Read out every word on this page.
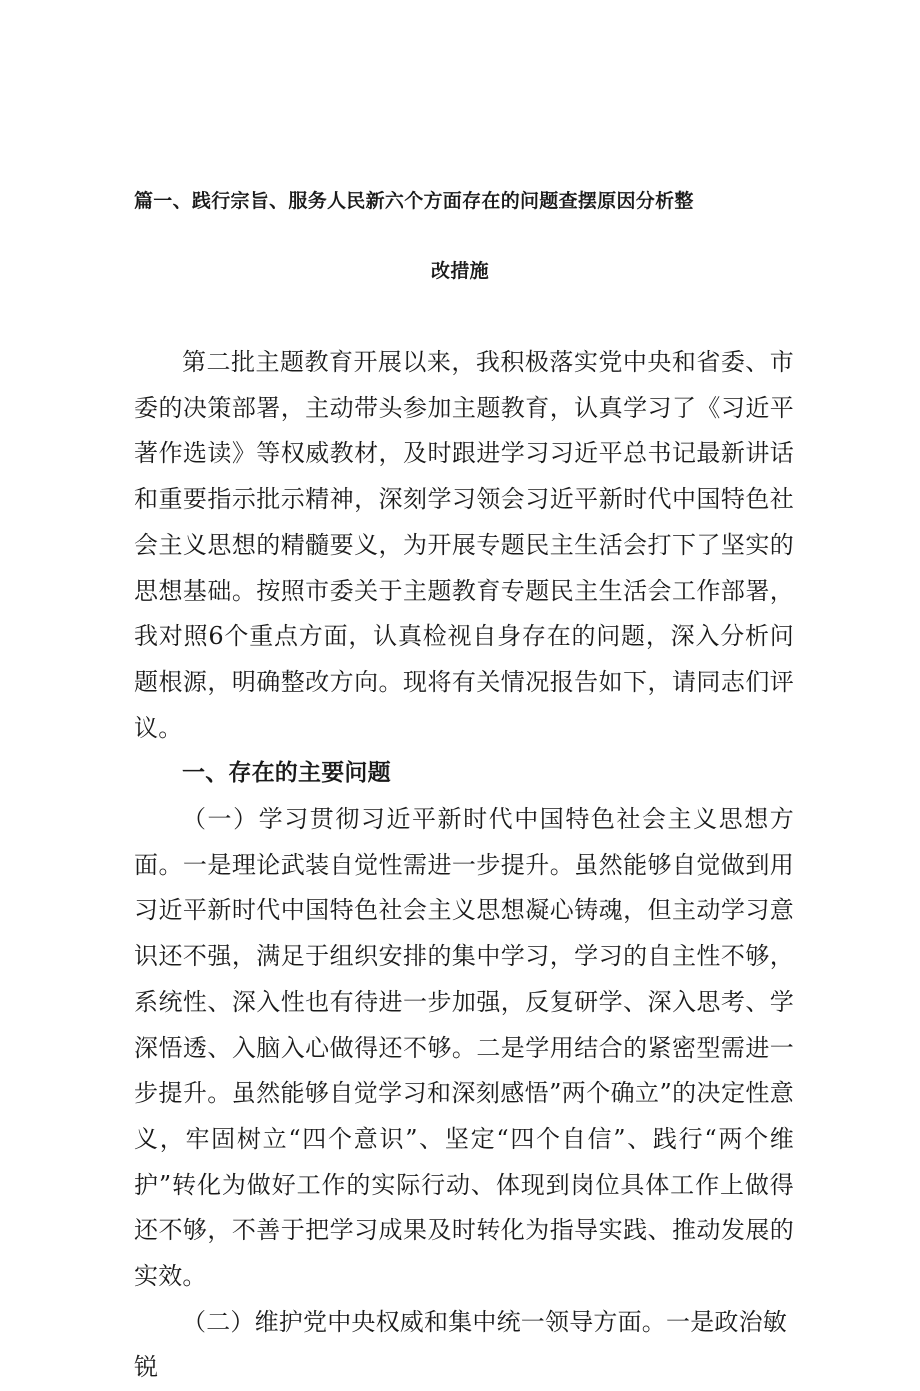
篇一、践行宗旨、服务人民新六个方面存在的问题查摆原因分析整
改措施

第二批主题教育开展以来，我积极落实党中央和省委、市委的决策部署，主动带头参加主题教育，认真学习了《习近平著作选读》等权威教材，及时跟进学习习近平总书记最新讲话和重要指示批示精神，深刻学习领会习近平新时代中国特色社会主义思想的精髓要义，为开展专题民主生活会打下了坚实的思想基础。按照市委关于主题教育专题民主生活会工作部署，我对照6个重点方面，认真检视自身存在的问题，深入分析问题根源，明确整改方向。现将有关情况报告如下，请同志们评议。

一、存在的主要问题

（一）学习贯彻习近平新时代中国特色社会主义思想方面。一是理论武装自觉性需进一步提升。虽然能够自觉做到用习近平新时代中国特色社会主义思想凝心铸魂，但主动学习意识还不强，满足于组织安排的集中学习，学习的自主性不够，系统性、深入性也有待进一步加强，反复研学、深入思考、学深悟透、入脑入心做得还不够。二是学用结合的紧密型需进一步提升。虽然能够自觉学习和深刻感悟”两个确立”的决定性意义，牢固树立“四个意识”、坚定“四个自信”、践行“两个维护”转化为做好工作的实际行动、体现到岗位具体工作上做得还不够，不善于把学习成果及时转化为指导实践、推动发展的实效。

（二）维护党中央权威和集中统一领导方面。一是政治敏锐
